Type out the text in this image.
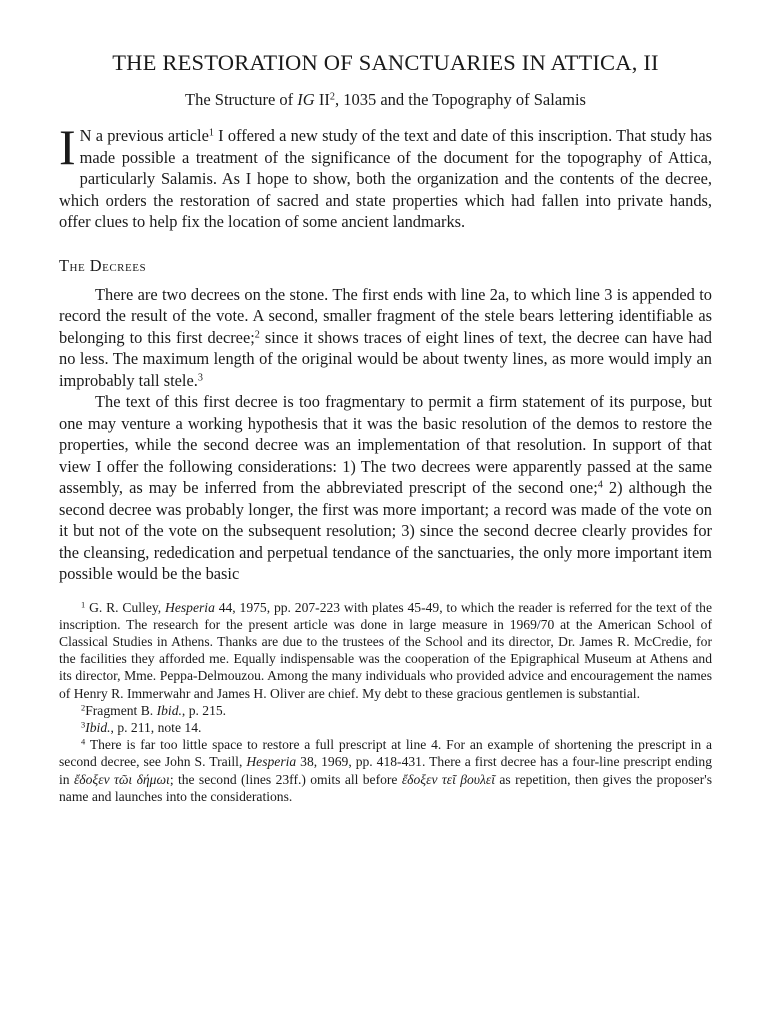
THE RESTORATION OF SANCTUARIES IN ATTICA, II
The Structure of IG $II^2$, 1035 and the Topography of Salamis

I N a previous article$^1$ I offered a new study of the text and date of this inscription. That study has made possible a treatment of the significance of the document for the topography of Attica, particularly Salamis. As I hope to show, both the organization and the contents of the decree, which orders the restoration of sacred and state properties which had fallen into private hands, offer clues to help fix the location of some ancient landmarks.

The Decrees

There are two decrees on the stone. The first ends with line 2a, to which line 3 is appended to record the result of the vote. A second, smaller fragment of the stele bears lettering identifiable as belonging to this first decree;$^2$ since it shows traces of eight lines of text, the decree can have had no less. The maximum length of the original would be about twenty lines, as more would imply an improbably tall stele.$^3$

The text of this first decree is too fragmentary to permit a firm statement of its purpose, but one may venture a working hypothesis that it was the basic resolution of the demos to restore the properties, while the second decree was an implementation of that resolution. In support of that view I offer the following considerations: 1) The two decrees were apparently passed at the same assembly, as may be inferred from the abbreviated prescript of the second one;$^4$ 2) although the second decree was probably longer, the first was more important; a record was made of the vote on it but not of the vote on the subsequent resolution; 3) since the second decree clearly provides for the cleansing, rededication and perpetual tendance of the sanctuaries, the only more important item possible would be the basic

$^1$ G. R. Culley, Hesperia 44, 1975, pp. 207-223 with plates 45-49, to which the reader is referred for the text of the inscription. The research for the present article was done in large measure in 1969/70 at the American School of Classical Studies in Athens. Thanks are due to the trustees of the School and its director, Dr. James R. McCredie, for the facilities they afforded me. Equally indispensable was the cooperation of the Epigraphical Museum at Athens and its director, Mme. Peppa-Delmouzou. Among the many individuals who provided advice and encouragement the names of Henry R. Immerwahr and James H. Oliver are chief. My debt to these gracious gentlemen is substantial.

$^2$Fragment B. Ibid., p. 215.

$^3$Ibid., p. 211, note 14.

$^4$ There is far too little space to restore a full prescript at line 4. For an example of shortening the prescript in a second decree, see John S. Traill, Hesperia 38, 1969, pp. 418-431. There a first decree has a four-line prescript ending in ἔδοξεν τῶι δήμωι; the second (lines 23ff.) omits all before ἔδοξεν τεῖ βουλεῖ as repetition, then gives the proposer's name and launches into the considerations.
